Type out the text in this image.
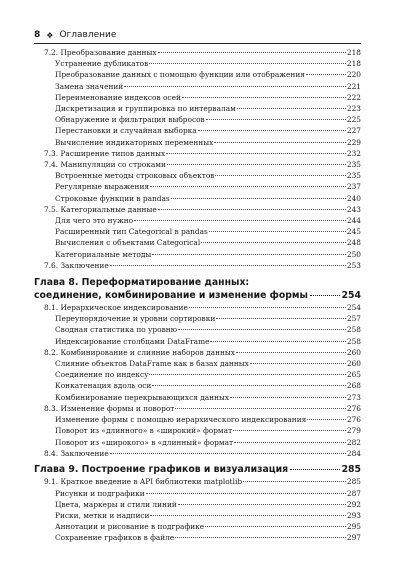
8 ❖ Оглавление
7.2. Преобразование данных	218
Устранение дубликатов	218
Преобразование данных с помощью функции или отображения	220
Замена значений	221
Переименование индексов осей	222
Дискретизация и группировка по интервалам	223
Обнаружение и фильтрация выбросов	225
Перестановки и случайная выборка	227
Вычисление индикаторных переменных	229
7.3. Расширение типов данных	232
7.4. Манипуляции со строками	235
Встроенные методы строковых объектов	235
Регулярные выражения	237
Строковые функции в pandas	240
7.5. Категориальные данные	243
Для чего это нужно	244
Расширенный тип Categorical в pandas	245
Вычисления с объектами Categorical	248
Категориальные методы	250
7.6. Заключение	253
Глава 8. Переформатирование данных:
соединение, комбинирование и изменение формы	254
8.1. Иерархическое индексирование	254
Переупорядочение и уровни сортировки	257
Сводная статистика по уровню	258
Индексирование столбцами DataFrame	258
8.2. Комбинирование и слияние наборов данных	260
Слияние объектов DataFrame как в базах данных	260
Соединение по индексу	265
Конкатенация вдоль оси	268
Комбинирование перекрывающихся данных	273
8.3. Изменение формы и поворот	276
Изменение формы с помощью иерархического индексирования	276
Поворот из «длинного» в «широкий» формат	279
Поворот из «широкого» в «длинный» формат	282
8.4. Заключение	284
Глава 9. Построение графиков и визуализация	285
9.1. Краткое введение в API библиотеки matplotlib	285
Рисунки и подграфики	287
Цвета, маркеры и стили линий	292
Риски, метки и надписи	293
Аннотации и рисование в подграфике	295
Сохранение графиков в файле	297
